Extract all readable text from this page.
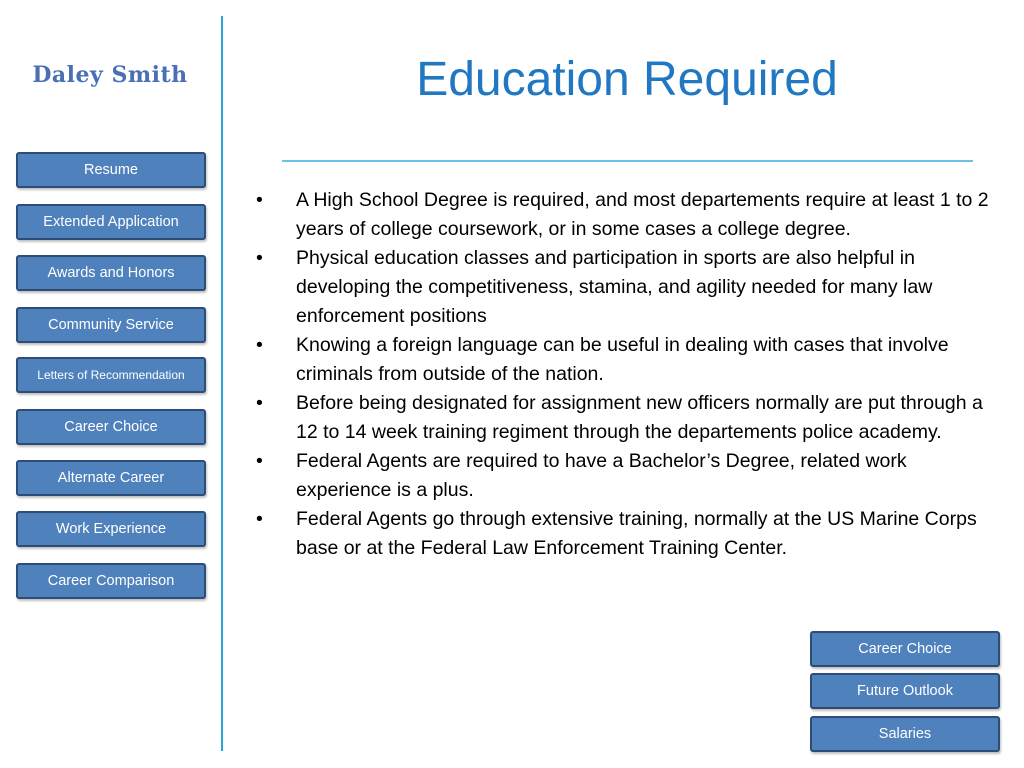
Daley Smith
Resume
Extended Application
Awards and Honors
Community Service
Letters of Recommendation
Career Choice
Alternate Career
Work Experience
Career Comparison
Education Required
• A High School Degree is required, and most departements require at least 1 to 2 years of college coursework, or in some cases a college degree.
• Physical education classes and participation in sports are also helpful in developing the competitiveness, stamina, and agility needed for many law enforcement positions
• Knowing a foreign language can be useful in dealing with cases that involve criminals from outside of the nation.
• Before being designated for assignment new officers normally are put through a 12 to 14 week training regiment through the departements police academy.
• Federal Agents are required to have a Bachelor’s Degree, related work experience is a plus.
• Federal Agents go through extensive training, normally at the US Marine Corps base or at the Federal Law Enforcement Training Center.
Career Choice
Future Outlook
Salaries
